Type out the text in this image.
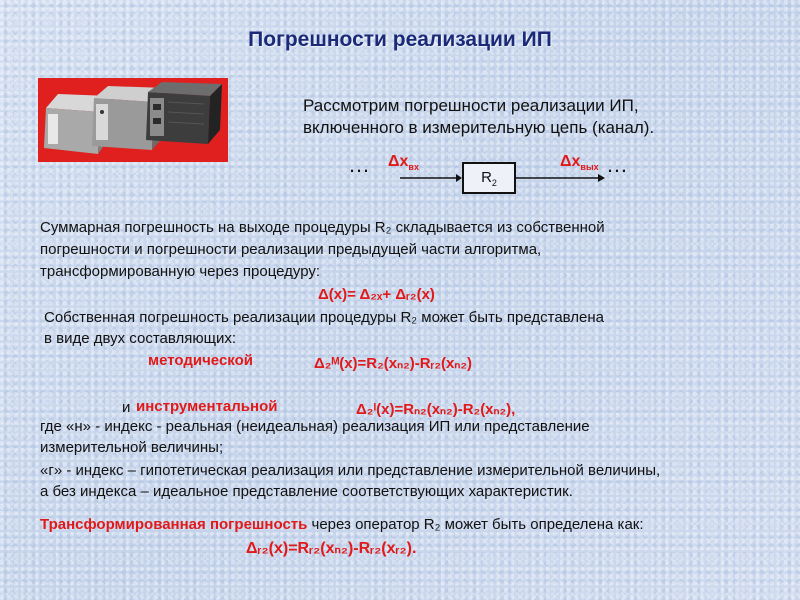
Погрешности реализации ИП
Рассмотрим погрешности реализации ИП,
включенного в измерительную цепь (канал).
…	…
$\Delta x_{вх}$	$\Delta x_{вых}$
$R_2$
Суммарная погрешность на выходе процедуры R₂ складывается из собственной
погрешности и погрешности реализации предыдущей части алгоритма,
трансформированную через процедуру:
Δ(x)= Δ₂ₓ+ Δᵣ₂(x)
Собственная погрешность реализации процедуры R₂ может быть представлена
в виде двух составляющих:
методической	Δ₂ᴹ(x)=R₂(xₙ₂)-Rᵣ₂(xₙ₂)
и инструментальной	Δ₂ᴵ(x)=Rₙ₂(xₙ₂)-R₂(xₙ₂),
где «н» - индекс - реальная (неидеальная) реализация ИП или представление
измерительной величины;
«г» - индекс – гипотетическая реализация или представление измерительной величины,
а без индекса – идеальное представление соответствующих характеристик.
Трансформированная погрешность через оператор R₂ может быть определена как:
Δᵣ₂(x)=Rᵣ₂(xₙ₂)-Rᵣ₂(xᵣ₂).
